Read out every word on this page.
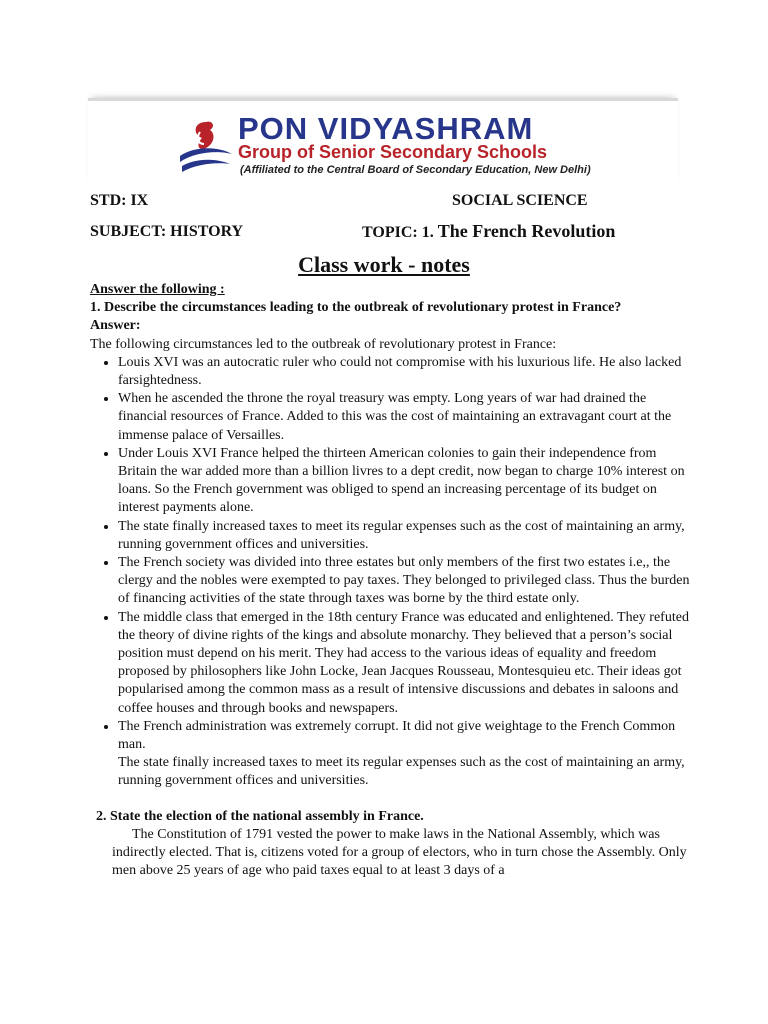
PON VIDYASHRAM
Group of Senior Secondary Schools
(Affiliated to the Central Board of Secondary Education, New Delhi)
STD: IX	SOCIAL SCIENCE
SUBJECT: HISTORY	TOPIC: 1. The French Revolution
Class work - notes

Answer the following :

1. Describe the circumstances leading to the outbreak of revolutionary protest in France?

Answer:

The following circumstances led to the outbreak of revolutionary protest in France:

• Louis XVI was an autocratic ruler who could not compromise with his luxurious life. He also lacked farsightedness.
• When he ascended the throne the royal treasury was empty. Long years of war had drained the financial resources of France. Added to this was the cost of maintaining an extravagant court at the immense palace of Versailles.
• Under Louis XVI France helped the thirteen American colonies to gain their independence from Britain the war added more than a billion livres to a dept credit, now began to charge 10% interest on loans. So the French government was obliged to spend an increasing percentage of its budget on interest payments alone.
• The state finally increased taxes to meet its regular expenses such as the cost of maintaining an army, running government offices and universities.
• The French society was divided into three estates but only members of the first two estates i.e,, the clergy and the nobles were exempted to pay taxes. They belonged to privileged class. Thus the burden of financing activities of the state through taxes was borne by the third estate only.
• The middle class that emerged in the 18th century France was educated and enlightened. They refuted the theory of divine rights of the kings and absolute monarchy. They believed that a person’s social position must depend on his merit. They had access to the various ideas of equality and freedom proposed by philosophers like John Locke, Jean Jacques Rousseau, Montesquieu etc. Their ideas got popularised among the common mass as a result of intensive discussions and debates in saloons and coffee houses and through books and newspapers.
• The French administration was extremely corrupt. It did not give weightage to the French Common man.

The state finally increased taxes to meet its regular expenses such as the cost of maintaining an army, running government offices and universities.

2. State the election of the national assembly in France.

The Constitution of 1791 vested the power to make laws in the National Assembly, which was indirectly elected. That is, citizens voted for a group of electors, who in turn chose the Assembly. Only men above 25 years of age who paid taxes equal to at least 3 days of a
